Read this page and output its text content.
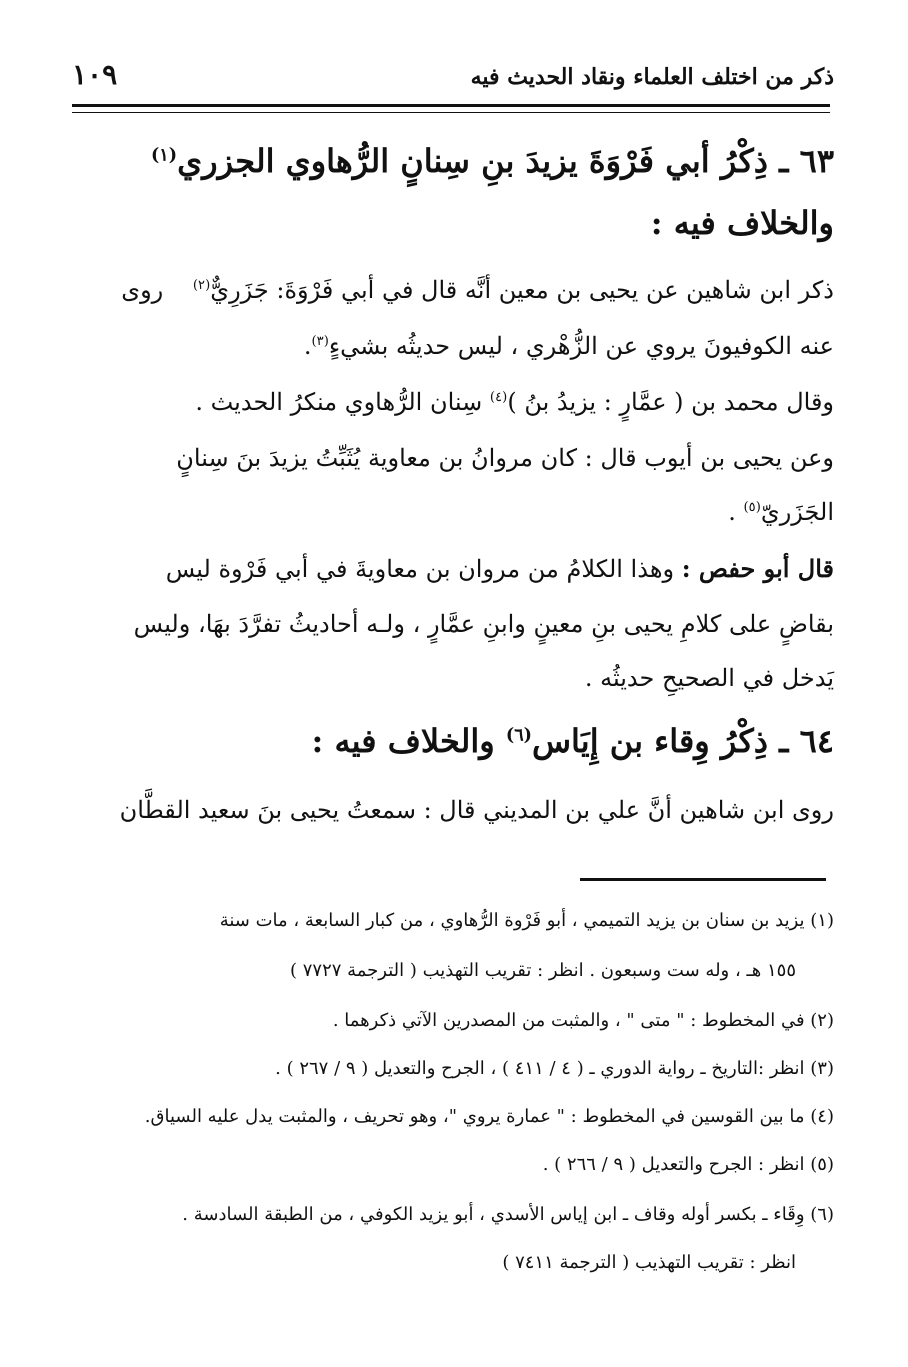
ذكر من اختلف العلماء ونقاد الحديث فيه
١٠٩
٦٣ ـ ذِكْرُ أبي فَرْوَةَ يزيدَ بنِ سِنانٍ الرُّهاوي الجزري$^{(١)}$
والخلاف فيه :
ذكر ابن شاهين عن يحيى بن معين أنَّه قال في أبي فَرْوَةَ: جَزَرِيٌّ$^{(٢)}$ روى
عنه الكوفيونَ يروي عن الزُّهْري ، ليس حديثُه بشيءٍ$^{(٣)}$.
وقال محمد بن ( عمَّارٍ : يزيدُ بنُ )$^{(٤)}$ سِنان الرُّهاوي منكرُ الحديث .
وعن يحيى بن أيوب قال : كان مروانُ بن معاوية يُثَبِّتُ يزيدَ بنَ سِنانٍ
الجَزَريّ$^{(٥)}$ .
قال أبو حفص : وهذا الكلامُ من مروان بن معاويةَ في أبي فَرْوة ليس
بقاضٍ على كلامِ يحيى بنِ معينٍ وابنِ عمَّارٍ ، ولـه أحاديثُ تفرَّدَ بهَا، وليس
يَدخل في الصحيحِ حديثُه .
٦٤ ـ ذِكْرُ وِقاء بن إِيَاس$^{(٦)}$ والخلاف فيه :
روى ابن شاهين أنَّ علي بن المديني قال : سمعتُ يحيى بنَ سعيد القطَّان
(١) يزيد بن سنان بن يزيد التميمي ، أبو فَرْوة الرُّهاوي ، من كبار السابعة ، مات سنة
١٥٥ هـ ، وله ست وسبعون . انظر : تقريب التهذيب ( الترجمة ٧٧٢٧ )
(٢) في المخطوط : " متى " ، والمثبت من المصدرين الآتي ذكرهما .
(٣) انظر :التاريخ ـ رواية الدوري ـ ( ٤ / ٤١١ ) ، الجرح والتعديل ( ٩ / ٢٦٧ ) .
(٤) ما بين القوسين في المخطوط : " عمارة يروي "، وهو تحريف ، والمثبت يدل عليه السياق.
(٥) انظر : الجرح والتعديل ( ٩ / ٢٦٦ ) .
(٦) وِقَاء ـ بكسر أوله وقاف ـ ابن إياس الأسدي ، أبو يزيد الكوفي ، من الطبقة السادسة .
انظر : تقريب التهذيب ( الترجمة ٧٤١١ )
